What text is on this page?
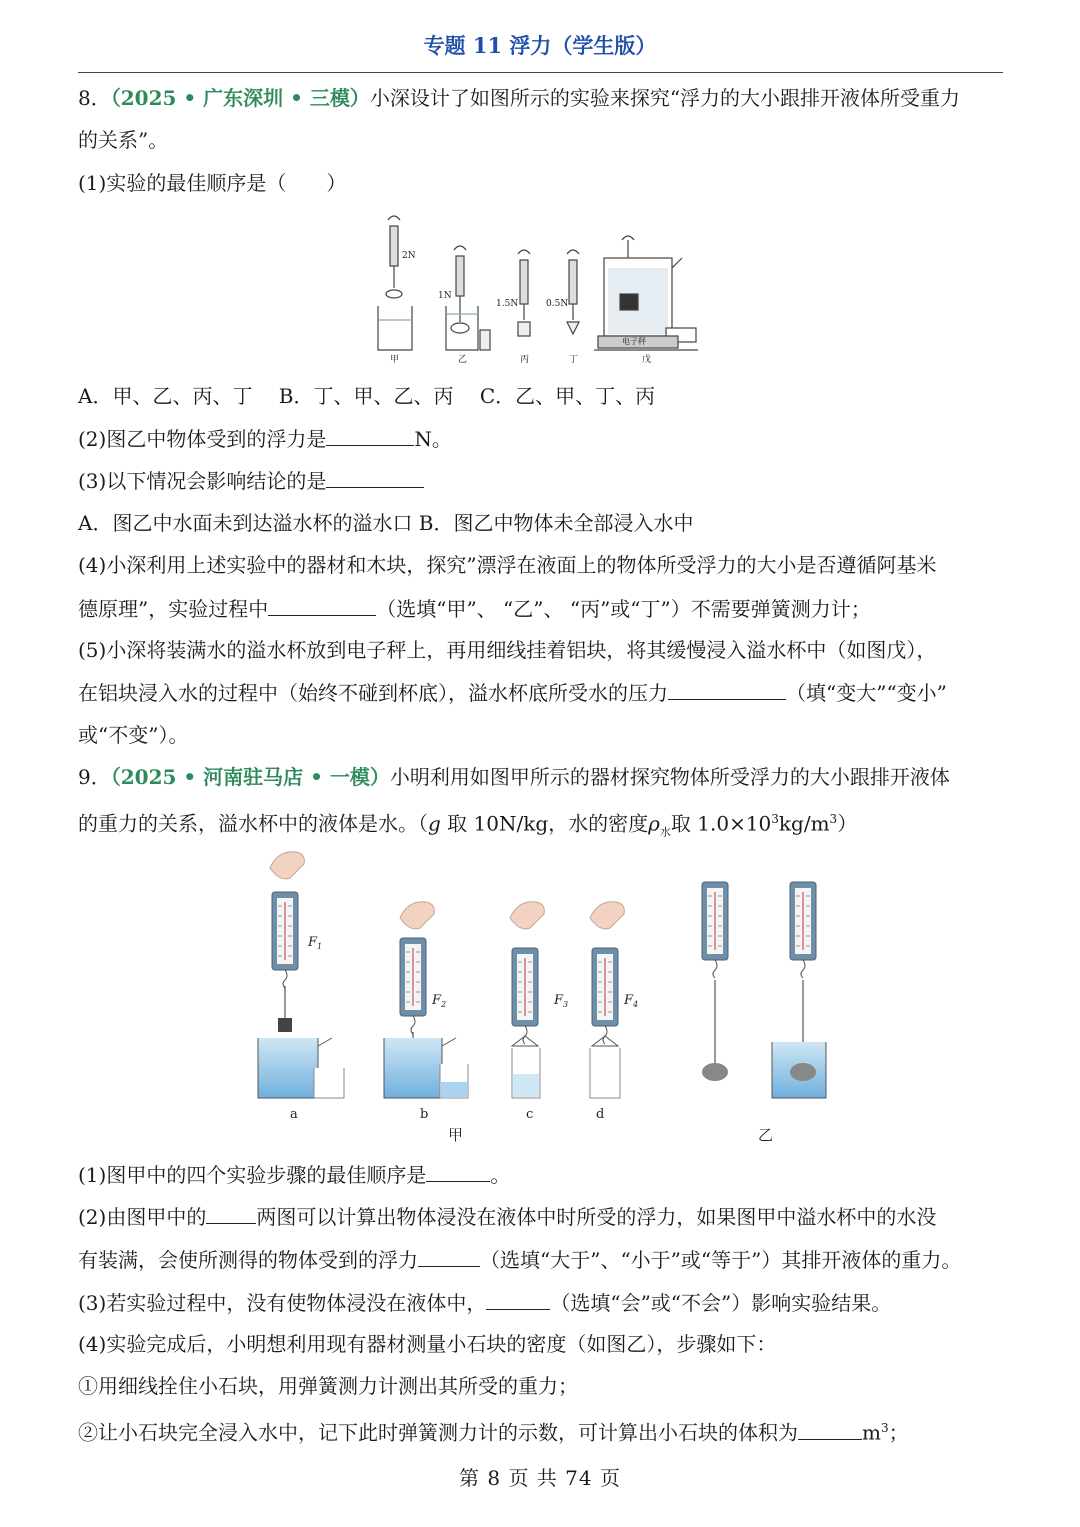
专题 11 浮力（学生版）
8．（2025 • 广东深圳 • 三模）小深设计了如图所示的实验来探究“浮力的大小跟排开液体所受重力
的关系”。
(1)实验的最佳顺序是（　　）
2N
1N
1.5N	0.5N
电子秤
甲	乙	丙	丁	戊
A．甲、乙、丙、丁　 B．丁、甲、乙、丙　 C．乙、甲、丁、丙
(2)图乙中物体受到的浮力是	N。
(3)以下情况会影响结论的是
A．图乙中水面未到达溢水杯的溢水口 B．图乙中物体未全部浸入水中
(4)小深利用上述实验中的器材和木块，探究”漂浮在液面上的物体所受浮力的大小是否遵循阿基米
德原理”，实验过程中	（选填“甲”、 “乙”、 “丙”或“丁”）不需要弹簧测力计；
(5)小深将装满水的溢水杯放到电子秤上，再用细线挂着铝块，将其缓慢浸入溢水杯中（如图戊），
在铝块浸入水的过程中（始终不碰到杯底），溢水杯底所受水的压力	（填“变大”“变小”
或“不变”）。
9．（2025 • 河南驻马店 • 一模）小明利用如图甲所示的器材探究物体所受浮力的大小跟排开液体
的重力的关系，溢水杯中的液体是水。（g 取 10N/kg，水的密度$\rho_水$取 $1.0\times 10^3kg/m^3$）
$F_1$
$F_2$	$F_3$	$F_4$
a	b	c	d
甲	乙
(1)图甲中的四个实验步骤的最佳顺序是	。
(2)由图甲中的	两图可以计算出物体浸没在液体中时所受的浮力，如果图甲中溢水杯中的水没
有装满，会使所测得的物体受到的浮力	（选填“大于”、“小于”或“等于”）其排开液体的重力。
(3)若实验过程中，没有使物体浸没在液体中，	（选填“会”或“不会”）影响实验结果。
(4)实验完成后，小明想利用现有器材测量小石块的密度（如图乙），步骤如下：
①用细线拴住小石块，用弹簧测力计测出其所受的重力；
②让小石块完全浸入水中，记下此时弹簧测力计的示数，可计算出小石块的体积为	$m^3$；
第 8 页 共 74 页
